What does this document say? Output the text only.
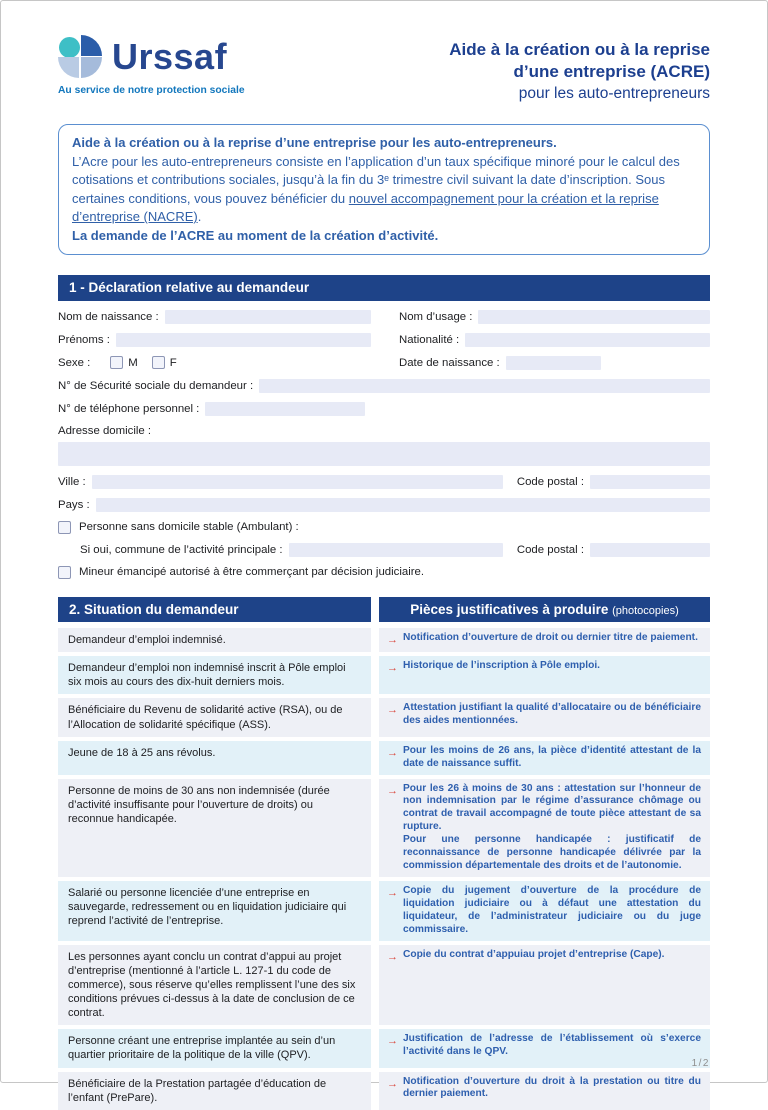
Urssaf
Au service de notre protection sociale
Aide à la création ou à la reprise
d’une entreprise (ACRE)
pour les auto-entrepreneurs
Aide à la création ou à la reprise d’une entreprise pour les auto-entrepreneurs.
L’Acre pour les auto-entrepreneurs consiste en l’application d’un taux spécifique minoré pour le calcul des cotisations et contributions sociales, jusqu’à la fin du 3ᵉ trimestre civil suivant la date d’inscription. Sous certaines conditions, vous pouvez bénéficier du nouvel accompagnement pour la création et la reprise d’entreprise (NACRE).
La demande de l’ACRE au moment de la création d’activité.
1 - Déclaration relative au demandeur
Nom de naissance :	Nom d’usage :
Prénoms :	Nationalité :
Sexe :	M	F	Date de naissance :
N° de Sécurité sociale du demandeur :
N° de téléphone personnel :
Adresse domicile :
Ville :	Code postal :
Pays :
Personne sans domicile stable (Ambulant) :
Si oui, commune de l’activité principale :	Code postal :
Mineur émancipé autorisé à être commerçant par décision judiciaire.
2. Situation du demandeur	Pièces justificatives à produire (photocopies)
Demandeur d’emploi indemnisé.	→ Notification d’ouverture de droit ou dernier titre de paiement.
Demandeur d’emploi non indemnisé inscrit à Pôle emploi six mois au cours des dix-huit derniers mois.
→ Historique de l’inscription à Pôle emploi.
Bénéficiaire du Revenu de solidarité active (RSA), ou de l’Allocation de solidarité spécifique (ASS).
→ Attestation justifiant la qualité d’allocataire ou de bénéficiaire des aides mentionnées.
Jeune de 18 à 25 ans révolus.	→ Pour les moins de 26 ans, la pièce d’identité attestant de la date de naissance suffit.
Personne de moins de 30 ans non indemnisée (durée d’activité insuffisante pour l’ouverture de droits) ou reconnue handicapée.
→ Pour les 26 à moins de 30 ans : attestation sur l’honneur de non indemnisation par le régime d’assurance chômage ou contrat de travail accompagné de toute pièce attestant de sa rupture.
Pour une personne handicapée : justificatif de reconnaissance de personne handicapée délivrée par la commission départementale des droits et de l’autonomie.
Salarié ou personne licenciée d’une entreprise en sauvegarde, redressement ou en liquidation judiciaire qui reprend l’activité de l’entreprise.
→ Copie du jugement d’ouverture de la procédure de liquidation judiciaire ou à défaut une attestation du liquidateur, de l’administrateur judiciaire ou du juge commissaire.
Les personnes ayant conclu un contrat d’appui au projet d’entreprise (mentionné à l’article L. 127-1 du code de commerce), sous réserve qu’elles remplissent l’une des six conditions prévues ci-dessus à la date de conclusion de ce contrat.
→ Copie du contrat d’appuiau projet d’entreprise (Cape).
Personne créant une entreprise implantée au sein d’un quartier prioritaire de la politique de la ville (QPV).
→ Justification de l’adresse de l’établissement où s’exerce l’activité dans le QPV.
Bénéficiaire de la Prestation partagée d’éducation de l’enfant (PrePare).
→ Notification d’ouverture du droit à la prestation ou titre du dernier paiement.
1/2
